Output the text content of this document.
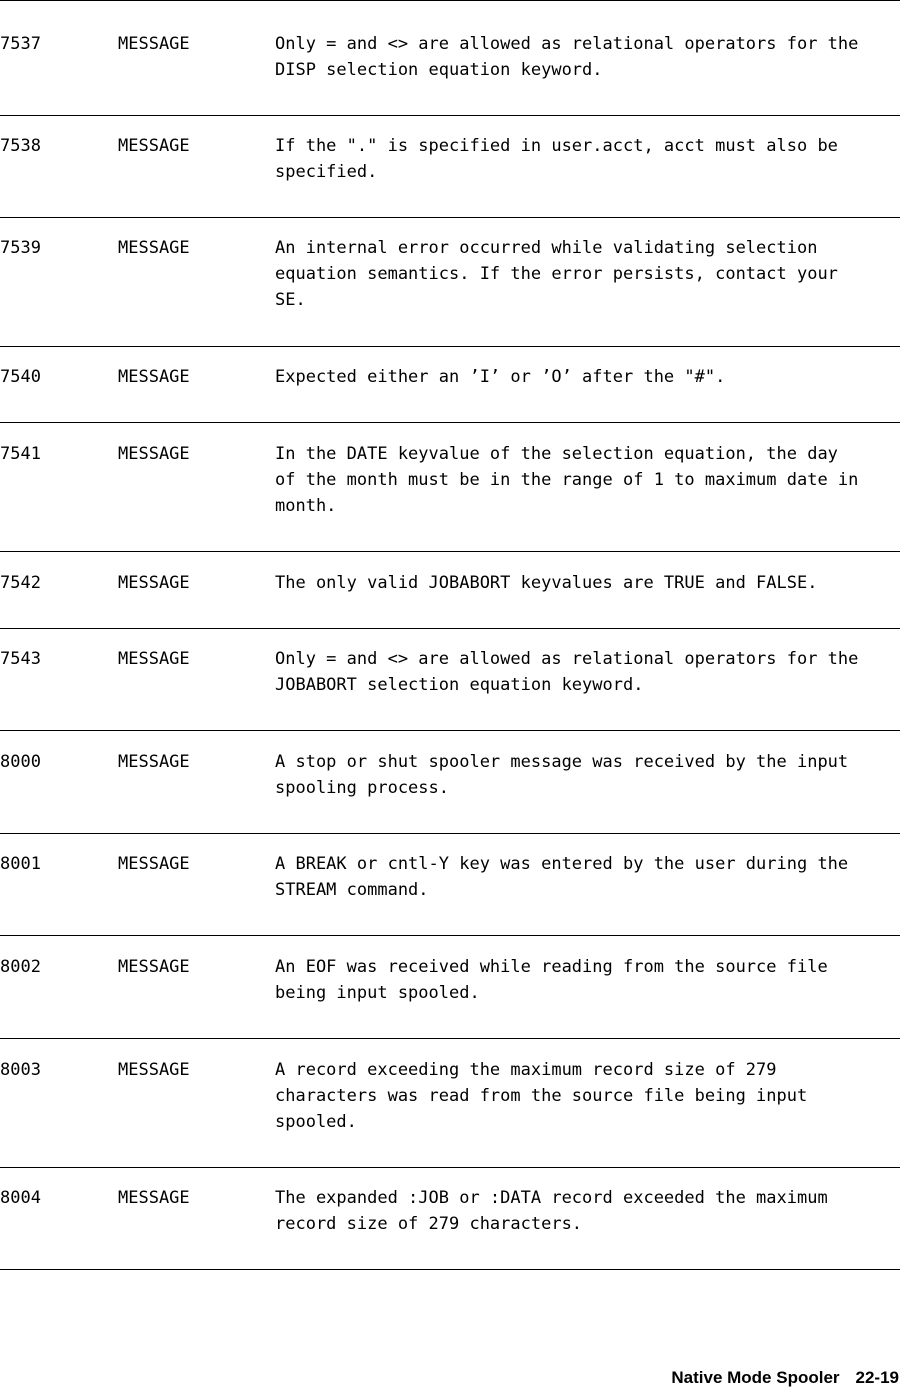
7537	MESSAGE	Only = and <> are allowed as relational operators for the
DISP selection equation keyword.
7538	MESSAGE	If the "." is specified in user.acct, acct must also be
specified.
7539	MESSAGE	An internal error occurred while validating selection
equation semantics. If the error persists, contact your
SE.
7540	MESSAGE	Expected either an ’I’ or ’O’ after the "#".
7541	MESSAGE	In the DATE keyvalue of the selection equation, the day
of the month must be in the range of 1 to maximum date in
month.
7542	MESSAGE	The only valid JOBABORT keyvalues are TRUE and FALSE.
7543	MESSAGE	Only = and <> are allowed as relational operators for the
JOBABORT selection equation keyword.
8000	MESSAGE	A stop or shut spooler message was received by the input
spooling process.
8001	MESSAGE	A BREAK or cntl-Y key was entered by the user during the
STREAM command.
8002	MESSAGE	An EOF was received while reading from the source file
being input spooled.
8003	MESSAGE	A record exceeding the maximum record size of 279
characters was read from the source file being input
spooled.
8004	MESSAGE	The expanded :JOB or :DATA record exceeded the maximum
record size of 279 characters.
Native Mode Spooler 22-19
